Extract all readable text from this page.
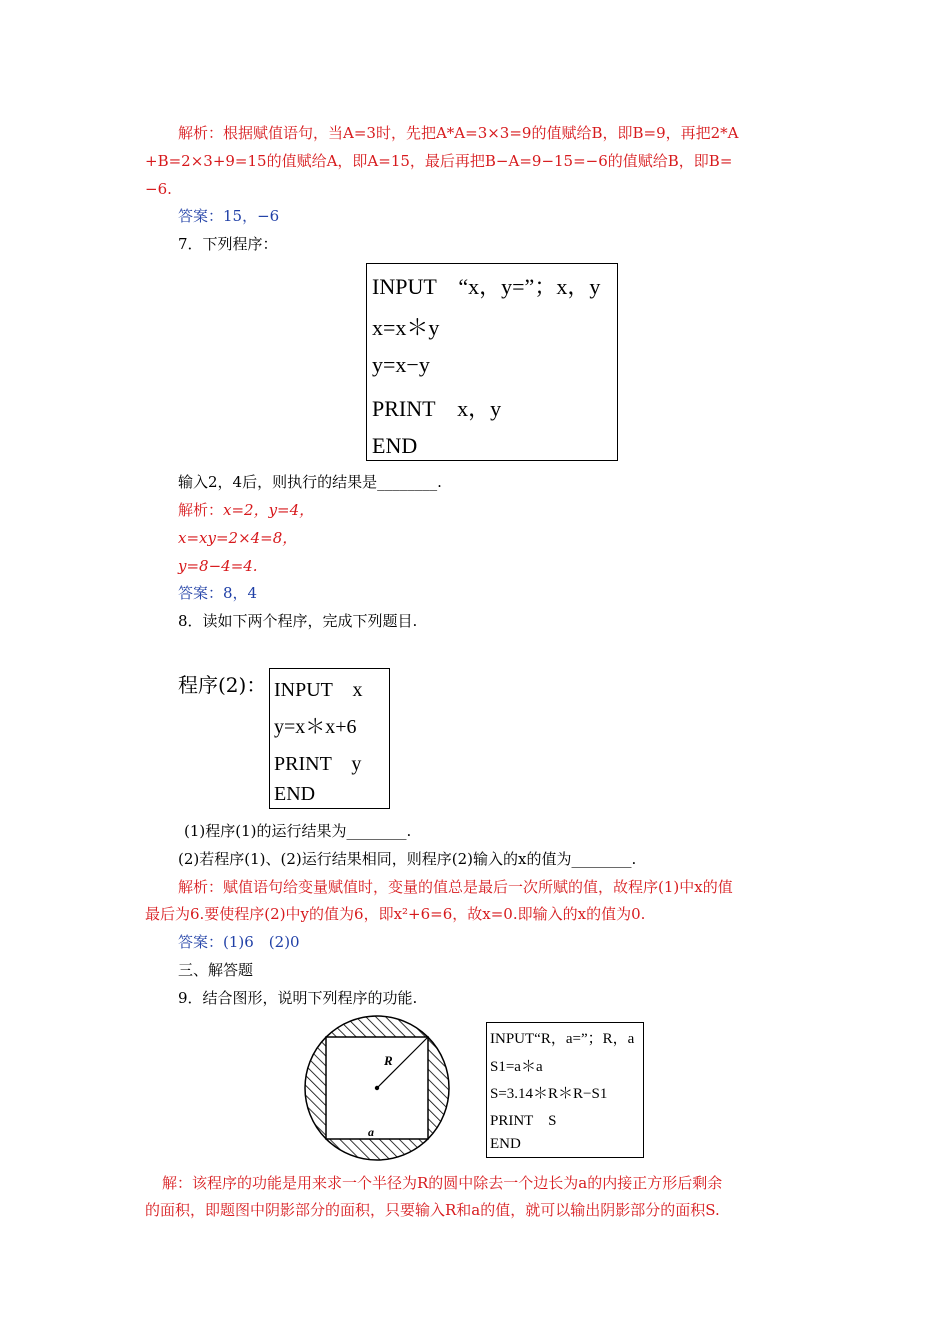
解析：根据赋值语句，当A=3时，先把A*A=3×3=9的值赋给B，即B=9，再把2*A
+B=2×3+9=15的值赋给A，即A=15，最后再把B−A=9−15=−6的值赋给B，即B=
−6.
答案：15，−6
7．下列程序：
INPUT　“x，y=”；x，y
x=x＊y
y=x−y
PRINT　x，y
END
输入2，4后，则执行的结果是________.
解析：x=2，y=4，
x=xy=2×4=8，
y=8−4=4.
答案：8，4
8．读如下两个程序，完成下列题目.
程序(2)： INPUT　x
y=x＊x+6
PRINT　y
END
(1)程序(1)的运行结果为________.
(2)若程序(1)、(2)运行结果相同，则程序(2)输入的x的值为________.
解析：赋值语句给变量赋值时，变量的值总是最后一次所赋的值，故程序(1)中x的值
最后为6.要使程序(2)中y的值为6，即x²+6=6，故x=0.即输入的x的值为0.
答案：(1)6　(2)0
三、解答题
9．结合图形，说明下列程序的功能.
R
a
INPUT“R，a=”；R，a
S1=a＊a
S=3.14＊R＊R−S1
PRINT　S
END
解：该程序的功能是用来求一个半径为R的圆中除去一个边长为a的内接正方形后剩余
的面积，即题图中阴影部分的面积，只要输入R和a的值，就可以输出阴影部分的面积S.
